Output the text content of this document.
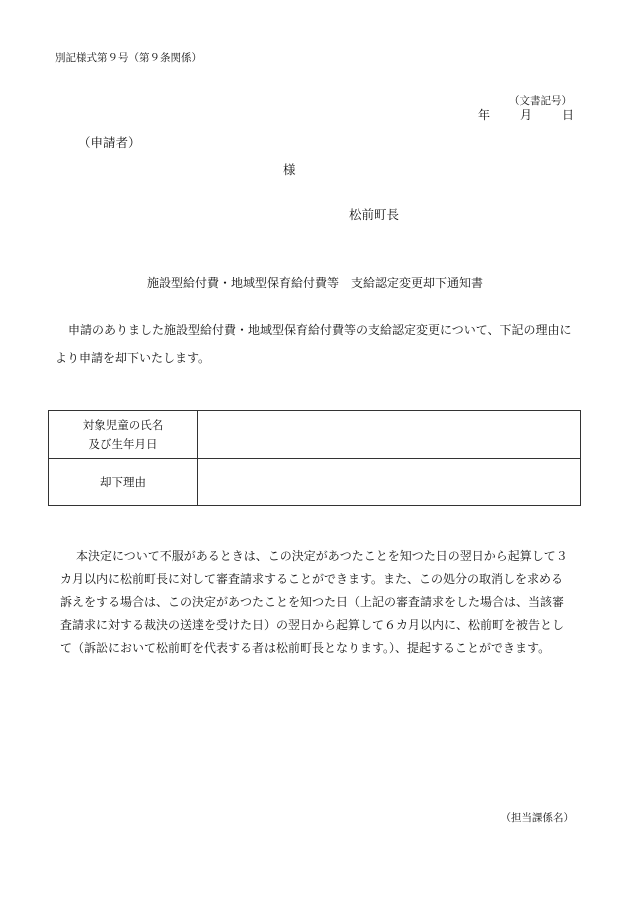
別記様式第９号（第９条関係）
（文書記号）
年	月	日
（申請者）
様
松前町長
施設型給付費・地域型保育給付費等　支給認定変更却下通知書
申請のありました施設型給付費・地域型保育給付費等の支給認定変更について、下記の理由に
より申請を却下いたします。
対象児童の氏名
及び生年月日	

却下理由	

本決定について不服があるときは、この決定があつたことを知つた日の翌日から起算して３

カ月以内に松前町長に対して審査請求することができます。また、この処分の取消しを求める

訴えをする場合は、この決定があつたことを知つた日（上記の審査請求をした場合は、当該審

査請求に対する裁決の送達を受けた日）の翌日から起算して６カ月以内に、松前町を被告とし

て（訴訟において松前町を代表する者は松前町長となります。）、提起することができます。

（担当課係名）
